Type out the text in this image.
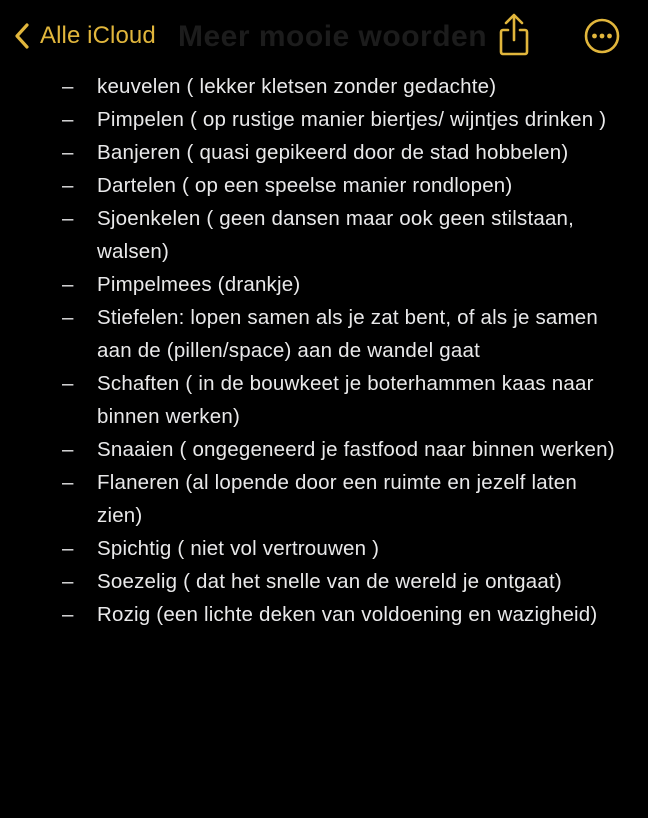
Meer mooie woorden
Alle iCloud
– keuvelen ( lekker kletsen zonder gedachte)
– Pimpelen ( op rustige manier biertjes/ wijntjes drinken )
– Banjeren ( quasi gepikeerd door de stad hobbelen)
– Dartelen ( op een speelse manier rondlopen)
– Sjoenkelen ( geen dansen maar ook geen stilstaan, walsen)
– Pimpelmees (drankje)
– Stiefelen: lopen samen als je zat bent, of als je samen aan de (pillen/space) aan de wandel gaat
– Schaften ( in de bouwkeet je boterhammen kaas naar binnen werken)
– Snaaien ( ongegeneerd je fastfood naar binnen werken)
– Flaneren (al lopende door een ruimte en jezelf laten zien)
– Spichtig ( niet vol vertrouwen )
– Soezelig ( dat het snelle van de wereld je ontgaat)
– Rozig (een lichte deken van voldoening en wazigheid)
